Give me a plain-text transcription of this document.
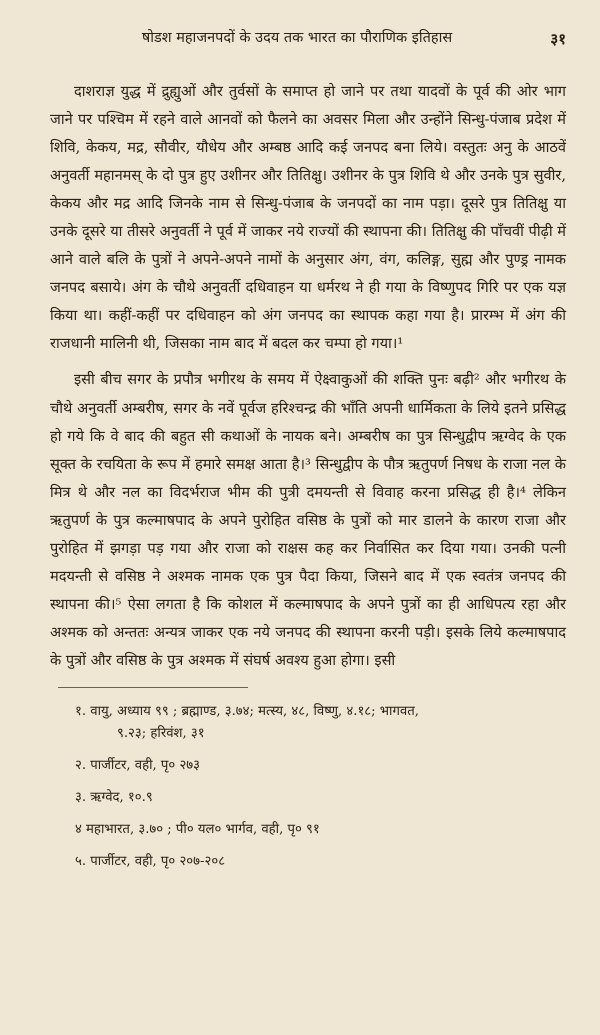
षोडश महाजनपदों के उदय तक भारत का पौराणिक इतिहास	३१

दाशराज्ञ युद्ध में द्रुह्युओं और तुर्वसों के समाप्त हो जाने पर तथा यादवों के पूर्व की ओर भाग जाने पर पश्चिम में रहने वाले आनवों को फैलने का अवसर मिला और उन्होंने सिन्धु-पंजाब प्रदेश में शिवि, केकय, मद्र, सौवीर, यौधेय और अम्बष्ठ आदि कई जनपद बना लिये। वस्तुतः अनु के आठवें अनुवर्ती महानमस् के दो पुत्र हुए उशीनर और तितिक्षु। उशीनर के पुत्र शिवि थे और उनके पुत्र सुवीर, केकय और मद्र आदि जिनके नाम से सिन्धु-पंजाब के जनपदों का नाम पड़ा। दूसरे पुत्र तितिक्षु या उनके दूसरे या तीसरे अनुवर्ती ने पूर्व में जाकर नये राज्यों की स्थापना की। तितिक्षु की पाँचवीं पीढ़ी में आने वाले बलि के पुत्रों ने अपने-अपने नामों के अनुसार अंग, वंग, कलिङ्ग, सुह्म और पुण्ड्र नामक जनपद बसाये। अंग के चौथे अनुवर्ती दधिवाहन या धर्मरथ ने ही गया के विष्णुपद गिरि पर एक यज्ञ किया था। कहीं-कहीं पर दधिवाहन को अंग जनपद का स्थापक कहा गया है। प्रारम्भ में अंग की राजधानी मालिनी थी, जिसका नाम बाद में बदल कर चम्पा हो गया।¹

इसी बीच सगर के प्रपौत्र भगीरथ के समय में ऐक्ष्वाकुओं की शक्ति पुनः बढ़ी² और भगीरथ के चौथे अनुवर्ती अम्बरीष, सगर के नवें पूर्वज हरिश्चन्द्र की भाँति अपनी धार्मिकता के लिये इतने प्रसिद्ध हो गये कि वे बाद की बहुत सी कथाओं के नायक बने। अम्बरीष का पुत्र सिन्धुद्वीप ऋग्वेद के एक सूक्त के रचयिता के रूप में हमारे समक्ष आता है।³ सिन्धुद्वीप के पौत्र ऋतुपर्ण निषध के राजा नल के मित्र थे और नल का विदर्भराज भीम की पुत्री दमयन्ती से विवाह करना प्रसिद्ध ही है।⁴ लेकिन ऋतुपर्ण के पुत्र कल्माषपाद के अपने पुरोहित वसिष्ठ के पुत्रों को मार डालने के कारण राजा और पुरोहित में झगड़ा पड़ गया और राजा को राक्षस कह कर निर्वासित कर दिया गया। उनकी पत्नी मदयन्ती से वसिष्ठ ने अश्मक नामक एक पुत्र पैदा किया, जिसने बाद में एक स्वतंत्र जनपद की स्थापना की।⁵ ऐसा लगता है कि कोशल में कल्माषपाद के अपने पुत्रों का ही आधिपत्य रहा और अश्मक को अन्ततः अन्यत्र जाकर एक नये जनपद की स्थापना करनी पड़ी। इसके लिये कल्माषपाद के पुत्रों और वसिष्ठ के पुत्र अश्मक में संघर्ष अवश्य हुआ होगा। इसी

१. वायु, अध्याय ९९ ; ब्रह्माण्ड, ३.७४; मत्स्य, ४८, विष्णु, ४.१८; भागवत,
९.२३; हरिवंश, ३१
२. पार्जीटर, वही, पृ० २७३
३. ऋग्वेद, १०.९
४ महाभारत, ३.७० ; पी० यल० भार्गव, वही, पृ० ९१
५. पार्जीटर, वही, पृ० २०७-२०८
